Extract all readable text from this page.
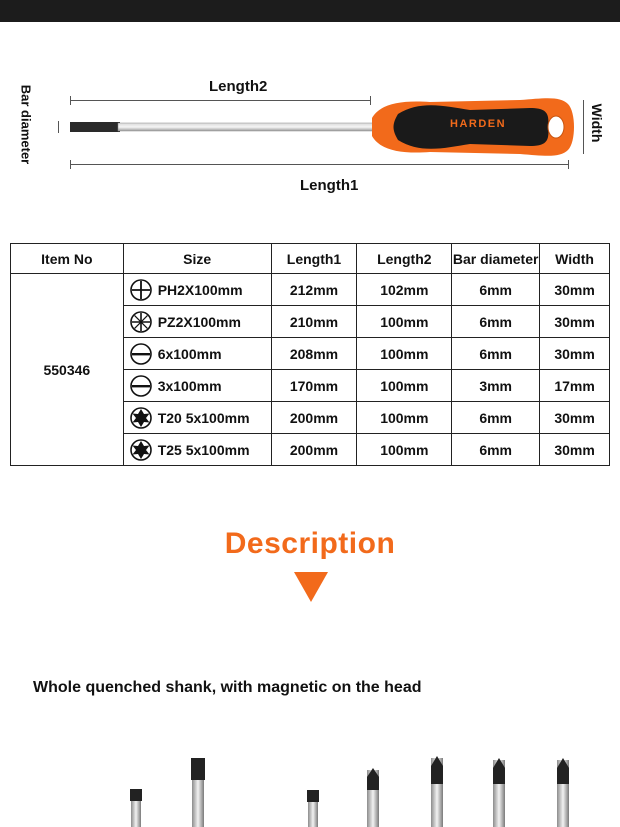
Length2
Bar diameter	HARDEN	Width
Length1
Item No	Size	Length1	Length2	Bar diameter	Width
550346	PH2X100mm	212mm	102mm	6mm	30mm
	PZ2X100mm	210mm	100mm	6mm	30mm
	6x100mm	208mm	100mm	6mm	30mm
	3x100mm	170mm	100mm	3mm	17mm
	T20 5x100mm	200mm	100mm	6mm	30mm
	T25 5x100mm	200mm	100mm	6mm	30mm
Description
Whole quenched shank, with magnetic on the head
